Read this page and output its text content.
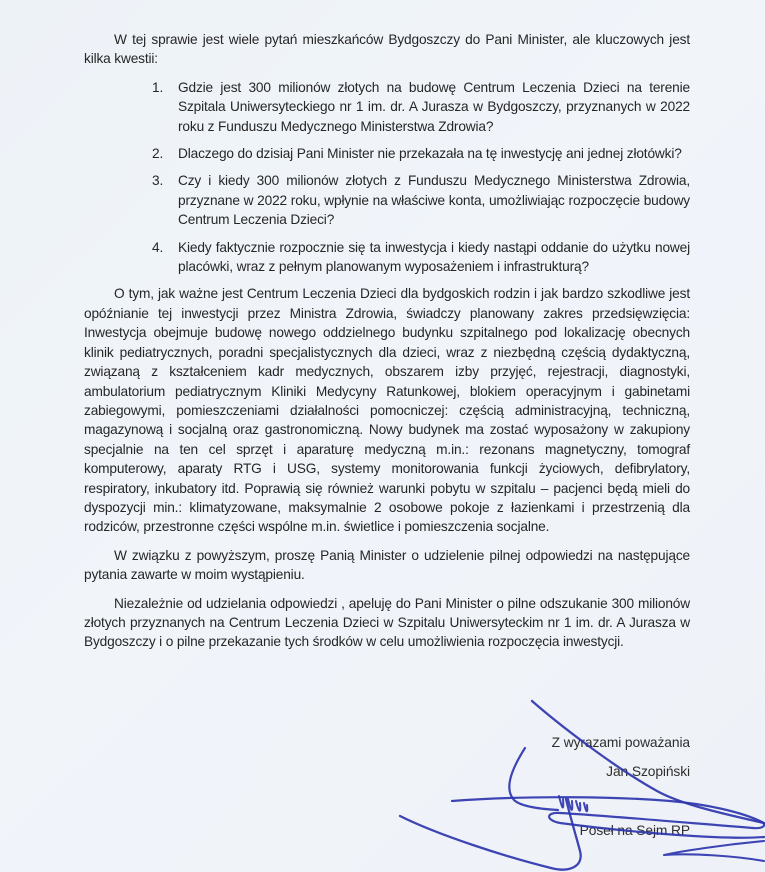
W tej sprawie jest wiele pytań mieszkańców Bydgoszczy do Pani Minister, ale kluczowych jest kilka kwestii:

1. Gdzie jest 300 milionów złotych na budowę Centrum Leczenia Dzieci na terenie Szpitala Uniwersyteckiego nr 1 im. dr. A Jurasza w Bydgoszczy, przyznanych w 2022 roku z Funduszu Medycznego Ministerstwa Zdrowia?
2. Dlaczego do dzisiaj Pani Minister nie przekazała na tę inwestycję ani jednej złotówki?
3. Czy i kiedy 300 milionów złotych z Funduszu Medycznego Ministerstwa Zdrowia, przyznane w 2022 roku, wpłynie na właściwe konta, umożliwiając rozpoczęcie budowy Centrum Leczenia Dzieci?
4. Kiedy faktycznie rozpocznie się ta inwestycja i kiedy nastąpi oddanie do użytku nowej placówki, wraz z pełnym planowanym wyposażeniem i infrastrukturą?

O tym, jak ważne jest Centrum Leczenia Dzieci dla bydgoskich rodzin i jak bardzo szkodliwe jest opóźnianie tej inwestycji przez Ministra Zdrowia, świadczy planowany zakres przedsięwzięcia: Inwestycja obejmuje budowę nowego oddzielnego budynku szpitalnego pod lokalizację obecnych klinik pediatrycznych, poradni specjalistycznych dla dzieci, wraz z niezbędną częścią dydaktyczną, związaną z kształceniem kadr medycznych, obszarem izby przyjęć, rejestracji, diagnostyki, ambulatorium pediatrycznym Kliniki Medycyny Ratunkowej, blokiem operacyjnym i gabinetami zabiegowymi, pomieszczeniami działalności pomocniczej: częścią administracyjną, techniczną, magazynową i socjalną oraz gastronomiczną. Nowy budynek ma zostać wyposażony w zakupiony specjalnie na ten cel sprzęt i aparaturę medyczną m.in.: rezonans magnetyczny, tomograf komputerowy, aparaty RTG i USG, systemy monitorowania funkcji życiowych, defibrylatory, respiratory, inkubatory itd. Poprawią się również warunki pobytu w szpitalu – pacjenci będą mieli do dyspozycji min.: klimatyzowane, maksymalnie 2 osobowe pokoje z łazienkami i przestrzenią dla rodziców, przestronne części wspólne m.in. świetlice i pomieszczenia socjalne.

W związku z powyższym, proszę Panią Minister o udzielenie pilnej odpowiedzi na następujące pytania zawarte w moim wystąpieniu.

Niezależnie od udzielania odpowiedzi , apeluję do Pani Minister o pilne odszukanie 300 milionów złotych przyznanych na Centrum Leczenia Dzieci w Szpitalu Uniwersyteckim nr 1 im. dr. A Jurasza w Bydgoszczy i o pilne przekazanie tych środków w celu umożliwienia rozpoczęcia inwestycji.

Z wyrazami poważania
Jan Szopiński
Poseł na Sejm RP
